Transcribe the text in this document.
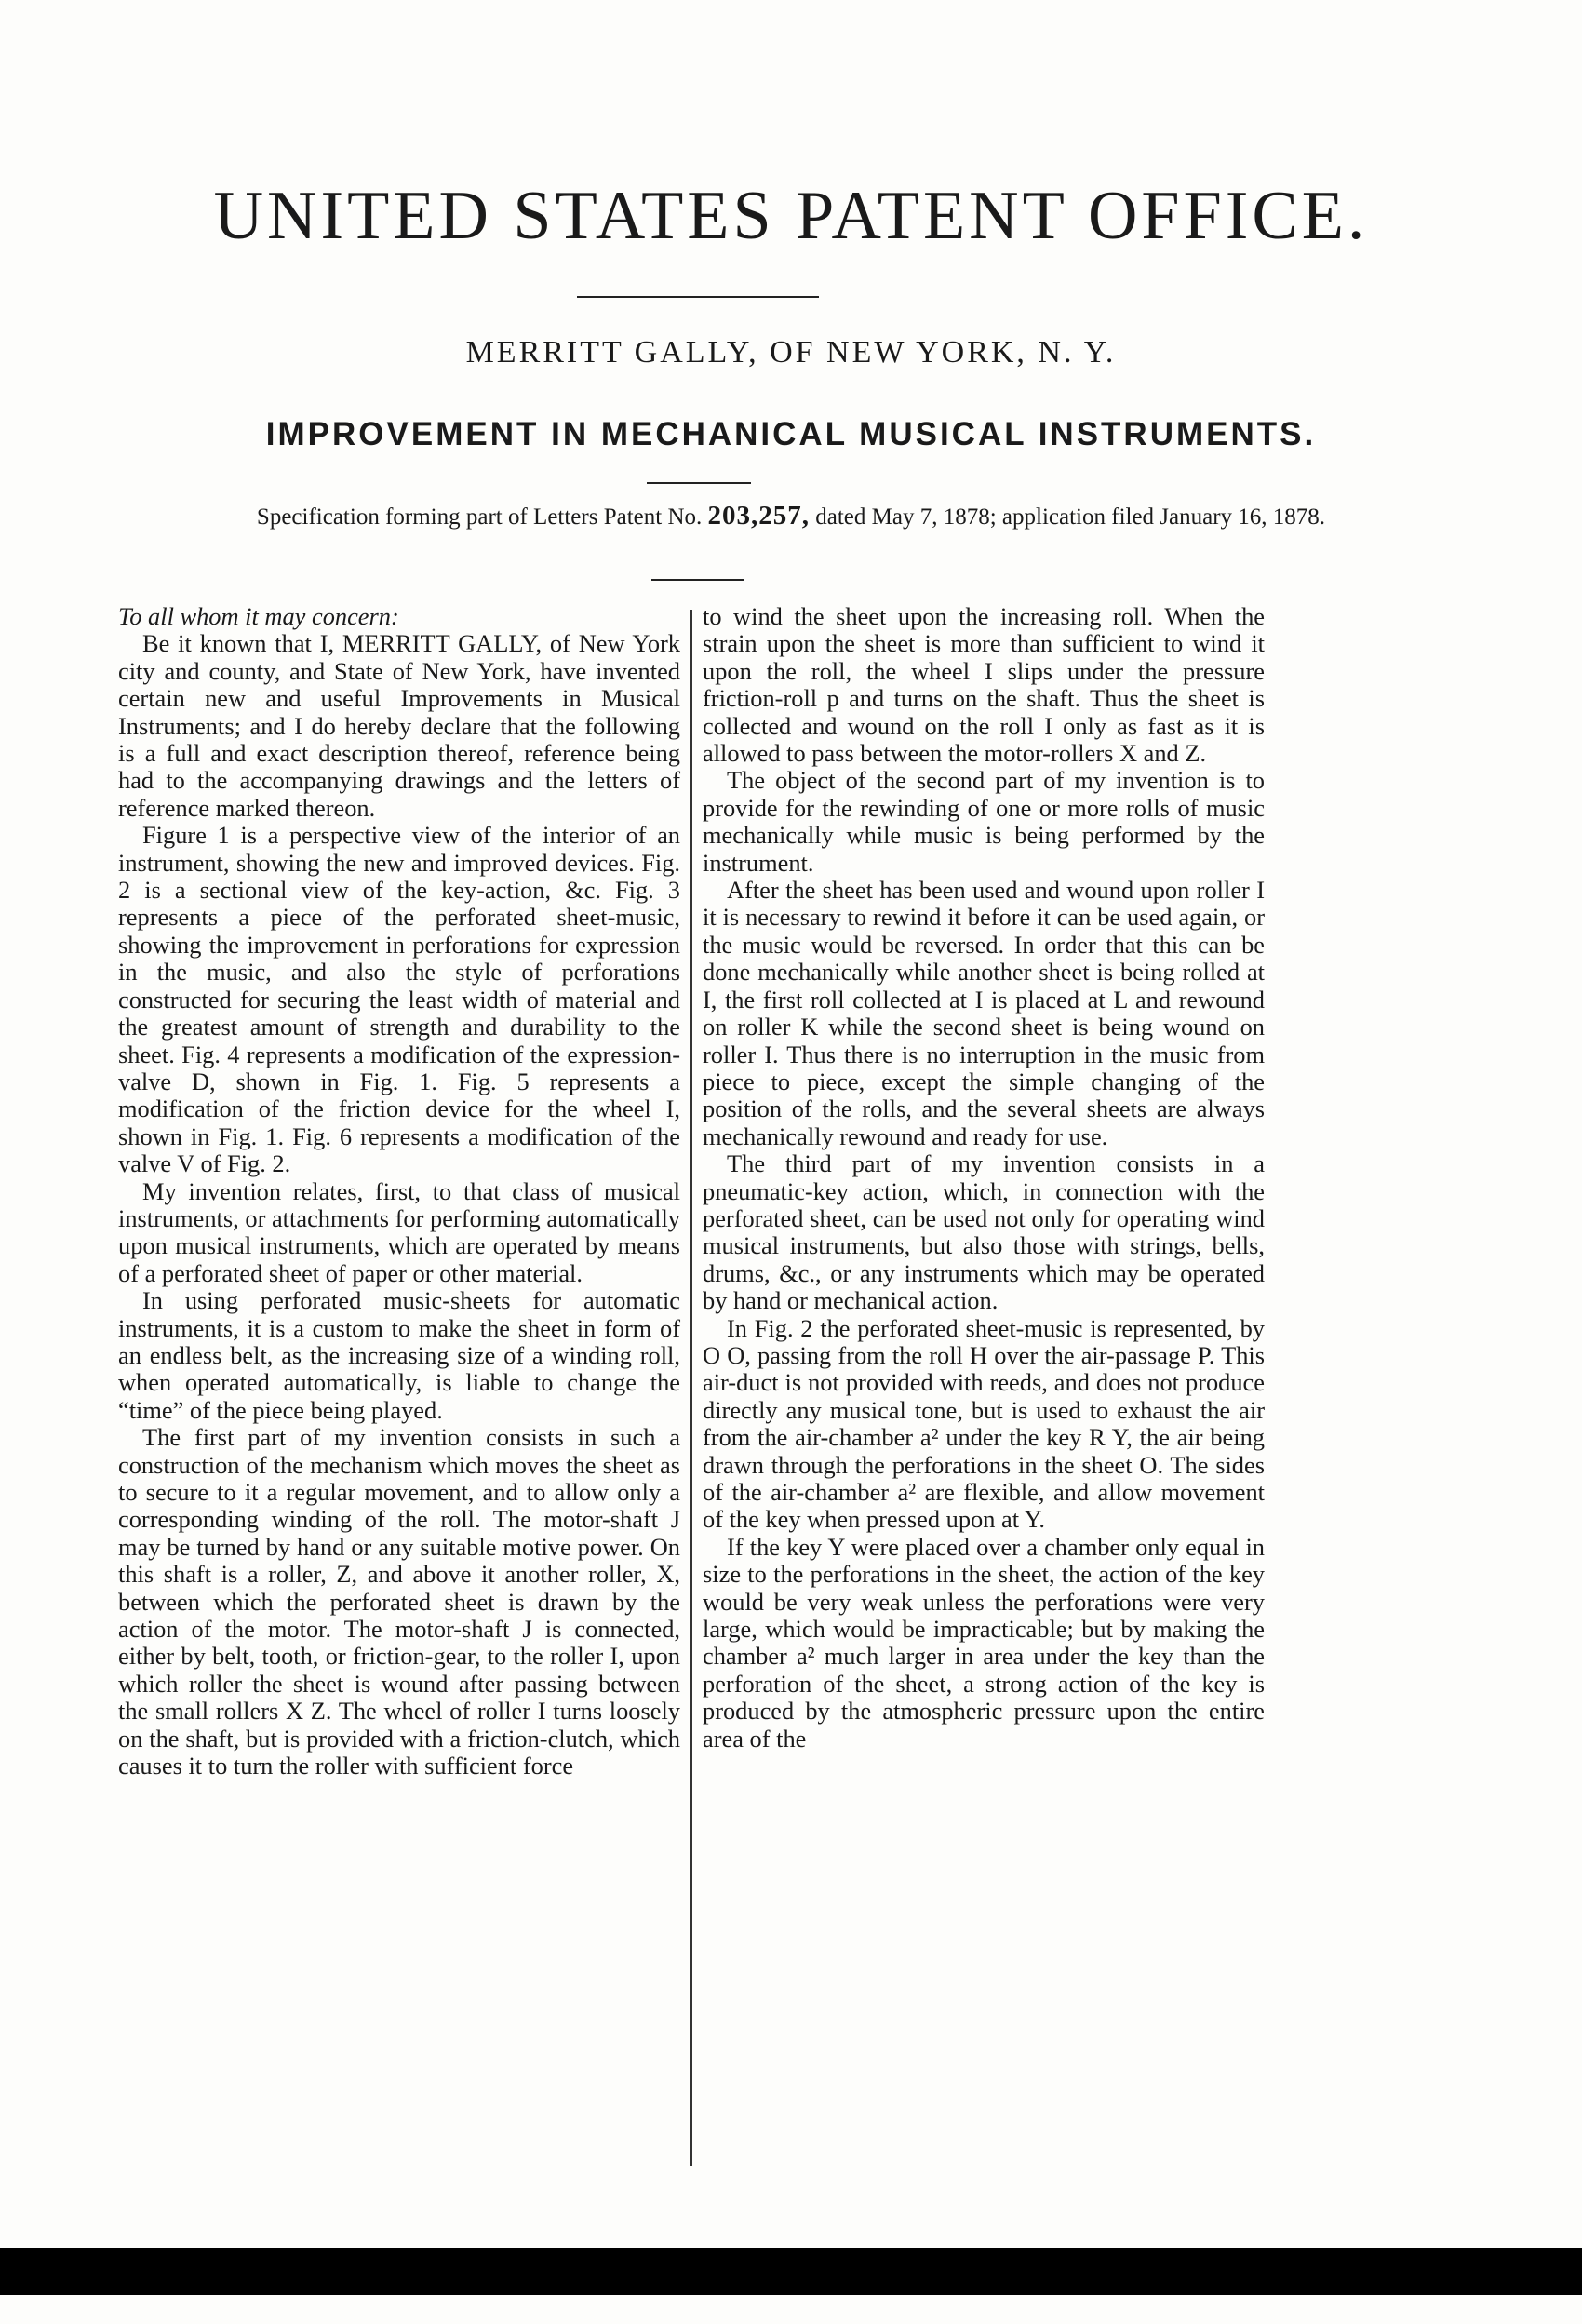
UNITED STATES PATENT OFFICE.
MERRITT GALLY, OF NEW YORK, N. Y.
IMPROVEMENT IN MECHANICAL MUSICAL INSTRUMENTS.
Specification forming part of Letters Patent No. 203,257, dated May 7, 1878; application filed January 16, 1878.

To all whom it may concern:

Be it known that I, MERRITT GALLY, of New York city and county, and State of New York, have invented certain new and useful Improvements in Musical Instruments; and I do hereby declare that the following is a full and exact description thereof, reference being had to the accompanying drawings and the letters of reference marked thereon.

Figure 1 is a perspective view of the interior of an instrument, showing the new and improved devices. Fig. 2 is a sectional view of the key-action, &c. Fig. 3 represents a piece of the perforated sheet-music, showing the improvement in perforations for expression in the music, and also the style of perforations constructed for securing the least width of material and the greatest amount of strength and durability to the sheet. Fig. 4 represents a modification of the expression-valve D, shown in Fig. 1. Fig. 5 represents a modification of the friction device for the wheel I, shown in Fig. 1. Fig. 6 represents a modification of the valve V of Fig. 2.

My invention relates, first, to that class of musical instruments, or attachments for performing automatically upon musical instruments, which are operated by means of a perforated sheet of paper or other material.

In using perforated music-sheets for automatic instruments, it is a custom to make the sheet in form of an endless belt, as the increasing size of a winding roll, when operated automatically, is liable to change the “time” of the piece being played.

The first part of my invention consists in such a construction of the mechanism which moves the sheet as to secure to it a regular movement, and to allow only a corresponding winding of the roll. The motor-shaft J may be turned by hand or any suitable motive power. On this shaft is a roller, Z, and above it another roller, X, between which the perforated sheet is drawn by the action of the motor. The motor-shaft J is connected, either by belt, tooth, or friction-gear, to the roller I, upon which roller the sheet is wound after passing between the small rollers X Z. The wheel of roller I turns loosely on the shaft, but is provided with a friction-clutch, which causes it to turn the roller with sufficient force

to wind the sheet upon the increasing roll. When the strain upon the sheet is more than sufficient to wind it upon the roll, the wheel I slips under the pressure friction-roll p and turns on the shaft. Thus the sheet is collected and wound on the roll I only as fast as it is allowed to pass between the motor-rollers X and Z.

The object of the second part of my invention is to provide for the rewinding of one or more rolls of music mechanically while music is being performed by the instrument.

After the sheet has been used and wound upon roller I it is necessary to rewind it before it can be used again, or the music would be reversed. In order that this can be done mechanically while another sheet is being rolled at I, the first roll collected at I is placed at L and rewound on roller K while the second sheet is being wound on roller I. Thus there is no interruption in the music from piece to piece, except the simple changing of the position of the rolls, and the several sheets are always mechanically rewound and ready for use.

The third part of my invention consists in a pneumatic-key action, which, in connection with the perforated sheet, can be used not only for operating wind musical instruments, but also those with strings, bells, drums, &c., or any instruments which may be operated by hand or mechanical action.

In Fig. 2 the perforated sheet-music is represented, by O O, passing from the roll H over the air-passage P. This air-duct is not provided with reeds, and does not produce directly any musical tone, but is used to exhaust the air from the air-chamber a² under the key R Y, the air being drawn through the perforations in the sheet O. The sides of the air-chamber a² are flexible, and allow movement of the key when pressed upon at Y.

If the key Y were placed over a chamber only equal in size to the perforations in the sheet, the action of the key would be very weak unless the perforations were very large, which would be impracticable; but by making the chamber a² much larger in area under the key than the perforation of the sheet, a strong action of the key is produced by the atmospheric pressure upon the entire area of the
